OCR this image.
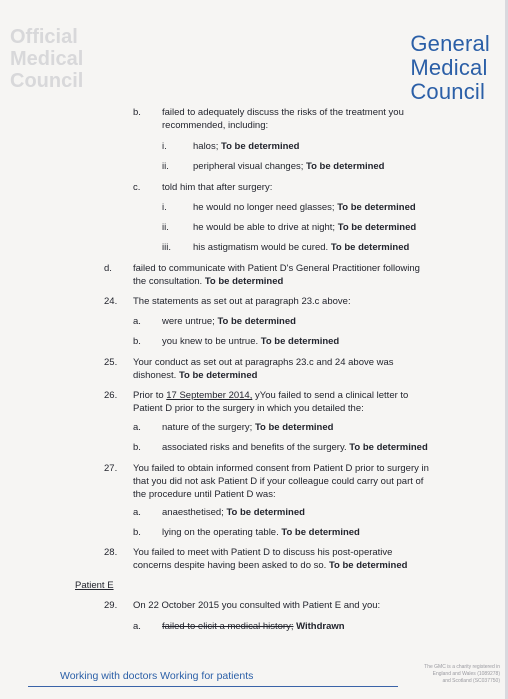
Official Medical Council
General
Medical
Council
b. failed to adequately discuss the risks of the treatment you
recommended, including:
i.	halos; To be determined
ii.	peripheral visual changes; To be determined
c. told him that after surgery:
i.	he would no longer need glasses; To be determined
ii.	he would be able to drive at night; To be determined
iii. his astigmatism would be cured. To be determined
d. failed to communicate with Patient D's General Practitioner following
the consultation. To be determined
24. The statements as set out at paragraph 23.c above:
a. were untrue; To be determined
b. you knew to be untrue. To be determined
25. Your conduct as set out at paragraphs 23.c and 24 above was
dishonest. To be determined
26. Prior to 17 September 2014, yYou failed to send a clinical letter to
Patient D prior to the surgery in which you detailed the:
a. nature of the surgery; To be determined
b. associated risks and benefits of the surgery. To be determined
27. You failed to obtain informed consent from Patient D prior to surgery in
that you did not ask Patient D if your colleague could carry out part of
the procedure until Patient D was:
a. anaesthetised; To be determined
b. lying on the operating table. To be determined
28. You failed to meet with Patient D to discuss his post-operative
concerns despite having been asked to do so. To be determined
Patient E
29. On 22 October 2015 you consulted with Patient E and you:
a. failed to elicit a medical history; Withdrawn
Working with doctors Working for patients
The GMC is a charity registered in
England and Wales (1089278)
and Scotland (SC037750)
